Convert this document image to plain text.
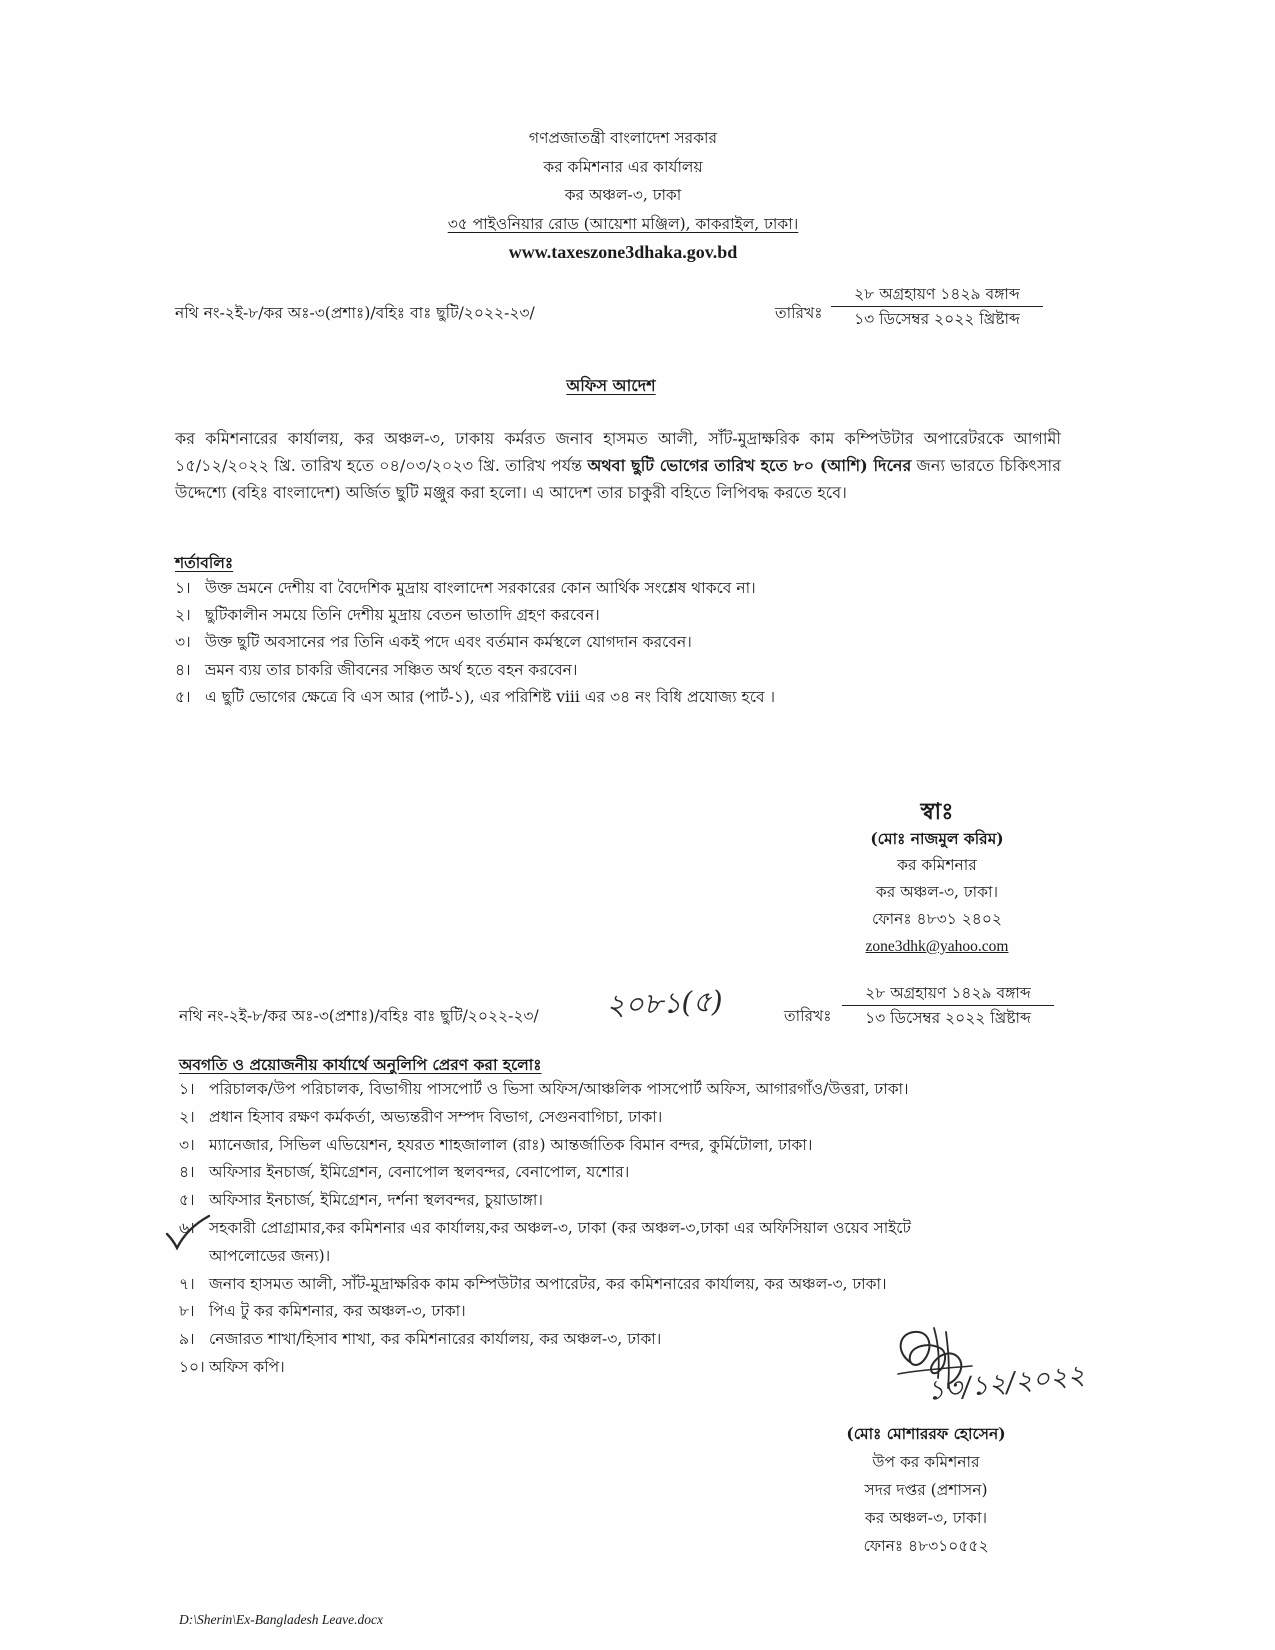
গণপ্রজাতন্ত্রী বাংলাদেশ সরকার
কর কমিশনার এর কার্যালয়
কর অঞ্চল-৩, ঢাকা
৩৫ পাইওনিয়ার রোড (আয়েশা মঞ্জিল), কাকরাইল, ঢাকা।
www.taxeszone3dhaka.gov.bd
নথি নং-২ই-৮/কর অঃ-৩(প্রশাঃ)/বহিঃ বাঃ ছুটি/২০২২-২৩/	তারিখঃ
২৮ অগ্রহায়ণ ১৪২৯ বঙ্গাব্দ
১৩ ডিসেম্বর ২০২২ খ্রিষ্টাব্দ
অফিস আদেশ
কর কমিশনারের কার্যালয়, কর অঞ্চল-৩, ঢাকায় কর্মরত জনাব হাসমত আলী, সাঁট-মুদ্রাক্ষরিক কাম কম্পিউটার অপারেটরকে আগামী ১৫/১২/২০২২ খ্রি. তারিখ হতে ০৪/০৩/২০২৩ খ্রি. তারিখ পর্যন্ত অথবা ছুটি ভোগের তারিখ হতে ৮০ (আশি) দিনের জন্য ভারতে চিকিৎসার উদ্দেশ্যে (বহিঃ বাংলাদেশ) অর্জিত ছুটি মঞ্জুর করা হলো। এ আদেশ তার চাকুরী বহিতে লিপিবদ্ধ করতে হবে।
শর্তাবলিঃ
১। উক্ত ভ্রমনে দেশীয় বা বৈদেশিক মুদ্রায় বাংলাদেশ সরকারের কোন আর্থিক সংশ্লেষ থাকবে না।
২। ছুটিকালীন সময়ে তিনি দেশীয় মুদ্রায় বেতন ভাতাদি গ্রহণ করবেন।
৩। উক্ত ছুটি অবসানের পর তিনি একই পদে এবং বর্তমান কর্মস্থলে যোগদান করবেন।
৪। ভ্রমন ব্যয় তার চাকরি জীবনের সঞ্চিত অর্থ হতে বহন করবেন।
৫। এ ছুটি ভোগের ক্ষেত্রে বি এস আর (পার্ট-১), এর পরিশিষ্ট viii এর ৩৪ নং বিধি প্রযোজ্য হবে ।
স্বাঃ
(মোঃ নাজমুল করিম)
কর কমিশনার
কর অঞ্চল-৩, ঢাকা।
ফোনঃ ৪৮৩১ ২৪০২
zone3dhk@yahoo.com
নথি নং-২ই-৮/কর অঃ-৩(প্রশাঃ)/বহিঃ বাঃ ছুটি/২০২২-২৩/ ২০৮১(৫)	তারিখঃ
২৮ অগ্রহায়ণ ১৪২৯ বঙ্গাব্দ
১৩ ডিসেম্বর ২০২২ খ্রিষ্টাব্দ
অবগতি ও প্রয়োজনীয় কার্যার্থে অনুলিপি প্রেরণ করা হলোঃ
১। পরিচালক/উপ পরিচালক, বিভাগীয় পাসপোর্ট ও ভিসা অফিস/আঞ্চলিক পাসপোর্ট অফিস, আগারগাঁও/উত্তরা, ঢাকা।
২। প্রধান হিসাব রক্ষণ কর্মকর্তা, অভ্যন্তরীণ সম্পদ বিভাগ, সেগুনবাগিচা, ঢাকা।
৩। ম্যানেজার, সিভিল এভিয়েশন, হযরত শাহজালাল (রাঃ) আন্তর্জাতিক বিমান বন্দর, কুর্মিটোলা, ঢাকা।
৪। অফিসার ইনচার্জ, ইমিগ্রেশন, বেনাপোল স্থলবন্দর, বেনাপোল, যশোর।
৫। অফিসার ইনচার্জ, ইমিগ্রেশন, দর্শনা স্থলবন্দর, চুয়াডাঙ্গা।
৬। সহকারী প্রোগ্রামার,কর কমিশনার এর কার্যালয়,কর অঞ্চল-৩, ঢাকা (কর অঞ্চল-৩,ঢাকা এর অফিসিয়াল ওয়েব সাইটে
আপলোডের জন্য)।
৭। জনাব হাসমত আলী, সাঁট-মুদ্রাক্ষরিক কাম কম্পিউটার অপারেটর, কর কমিশনারের কার্যালয়, কর অঞ্চল-৩, ঢাকা।
৮। পিএ টু কর কমিশনার, কর অঞ্চল-৩, ঢাকা।
৯। নেজারত শাখা/হিসাব শাখা, কর কমিশনারের কার্যালয়, কর অঞ্চল-৩, ঢাকা।
১০। অফিস কপি।	১৩/১২/২০২২
(মোঃ মোশাররফ হোসেন)
উপ কর কমিশনার
সদর দপ্তর (প্রশাসন)
কর অঞ্চল-৩, ঢাকা।
ফোনঃ ৪৮৩১০৫৫২
D:\Sherin\Ex-Bangladesh Leave.docx
